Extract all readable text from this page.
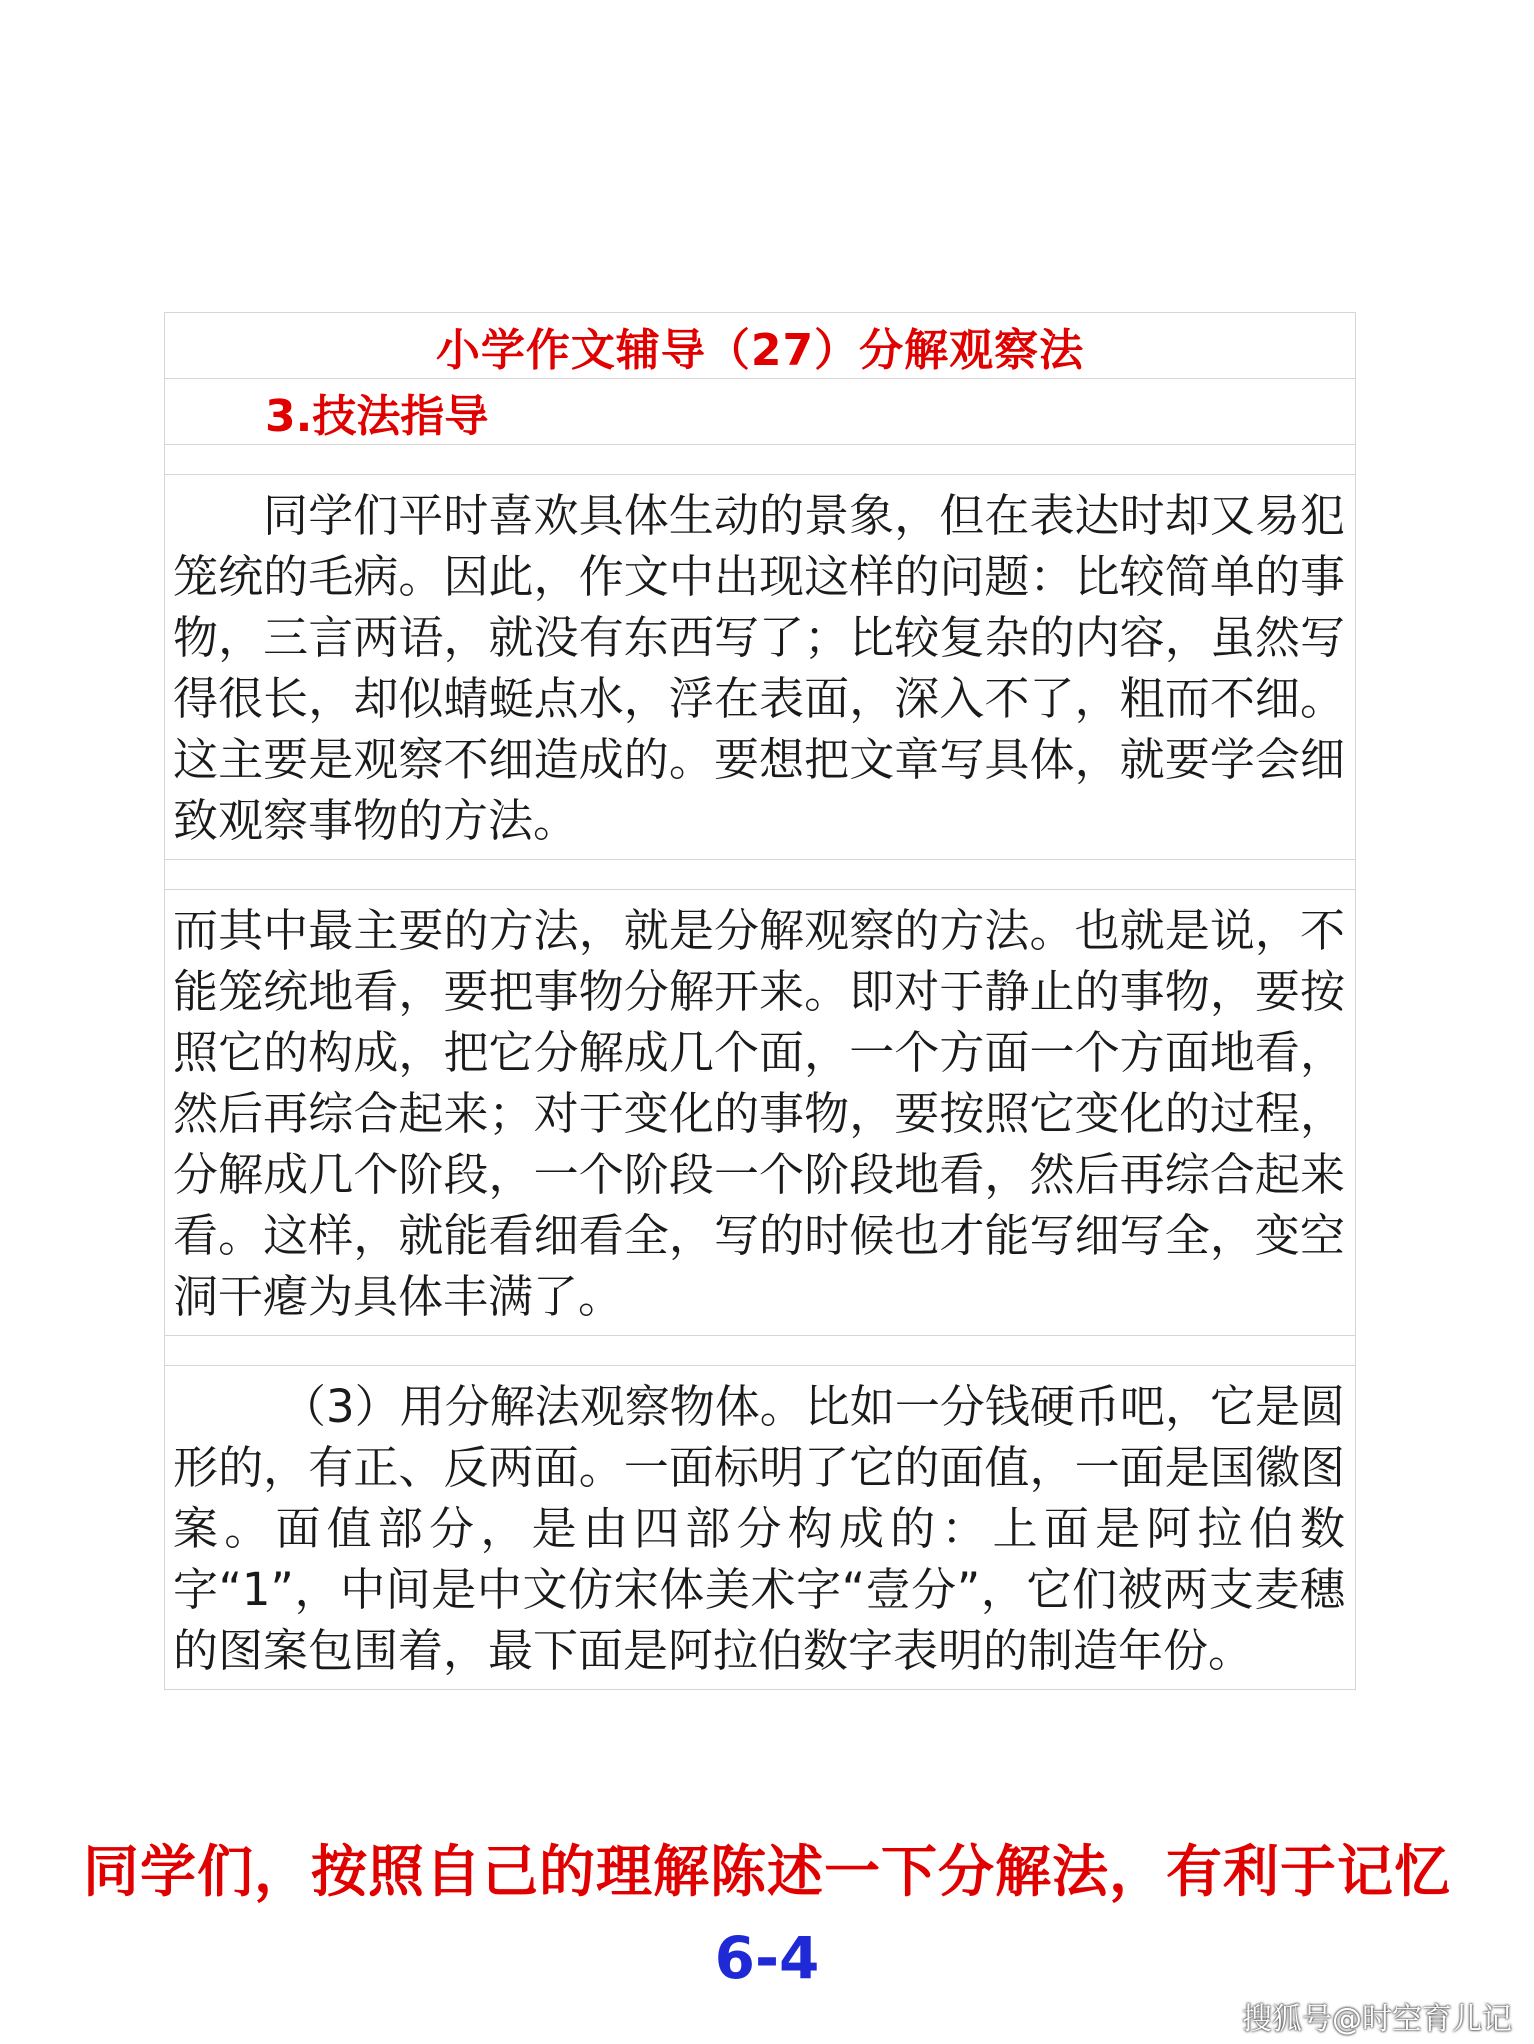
小学作文辅导（27）分解观察法
3.技法指导

同学们平时喜欢具体生动的景象，但在表达时却又易犯笼统的毛病。因此，作文中出现这样的问题：比较简单的事物，三言两语，就没有东西写了；比较复杂的内容，虽然写得很长，却似蜻蜓点水，浮在表面，深入不了，粗而不细。这主要是观察不细造成的。要想把文章写具体，就要学会细致观察事物的方法。

而其中最主要的方法，就是分解观察的方法。也就是说，不能笼统地看，要把事物分解开来。即对于静止的事物，要按照它的构成，把它分解成几个面，一个方面一个方面地看，然后再综合起来；对于变化的事物，要按照它变化的过程，分解成几个阶段，一个阶段一个阶段地看，然后再综合起来看。这样，就能看细看全，写的时候也才能写细写全，变空洞干瘪为具体丰满了。

（3）用分解法观察物体。比如一分钱硬币吧，它是圆形的，有正、反两面。一面标明了它的面值，一面是国徽图案。面值部分，是由四部分构成的：上面是阿拉伯数字“1”，中间是中文仿宋体美术字“壹分”，它们被两支麦穗的图案包围着，最下面是阿拉伯数字表明的制造年份。

同学们，按照自己的理解陈述一下分解法，有利于记忆
6-4
搜狐号@时空育儿记
